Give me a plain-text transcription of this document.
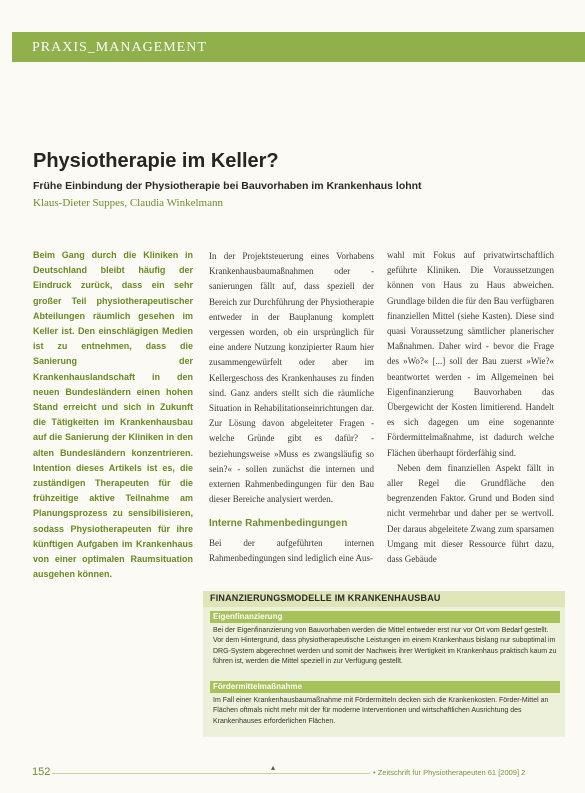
PRAXIS_MANAGEMENT
Physiotherapie im Keller?
Frühe Einbindung der Physiotherapie bei Bauvorhaben im Krankenhaus lohnt
Klaus-Dieter Suppes, Claudia Winkelmann

Beim Gang durch die Kliniken in Deutschland bleibt häufig der Eindruck zurück, dass ein sehr großer Teil physiotherapeutischer Abteilungen räumlich gesehen im Keller ist. Den einschlägigen Medien ist zu entnehmen, dass die Sanierung der Krankenhauslandschaft in den neuen Bundesländern einen hohen Stand erreicht und sich in Zukunft die Tätigkeiten im Krankenhausbau auf die Sanierung der Kliniken in den alten Bundesländern konzentrieren. Intention dieses Artikels ist es, die zuständigen Therapeuten für die frühzeitige aktive Teilnahme am Planungsprozess zu sensibilisieren, sodass Physiotherapeuten für ihre künftigen Aufgaben im Krankenhaus von einer optimalen Raumsituation ausgehen können.

In der Projektsteuerung eines Vorhabens Krankenhausbaumaßnahmen oder -sanierungen fällt auf, dass speziell der Bereich zur Durchführung der Physiotherapie entweder in der Bauplanung komplett vergessen worden, ob ein ursprünglich für eine andere Nutzung konzipierter Raum hier zusammengewürfelt oder aber im Kellergeschoss des Krankenhauses zu finden sind. Ganz anders stellt sich die räumliche Situation in Rehabilitationseinrichtungen dar. Zur Lösung davon abgeleiteter Fragen - welche Gründe gibt es dafür? - beziehungsweise »Muss es zwangsläufig so sein?« - sollen zunächst die internen und externen Rahmenbedingungen für den Bau dieser Bereiche analysiert werden.

Interne Rahmenbedingungen

Bei der aufgeführten internen Rahmenbedingungen sind lediglich eine Aus-

wahl mit Fokus auf privatwirtschaftlich geführte Kliniken. Die Voraussetzungen können von Haus zu Haus abweichen. Grundlage bilden die für den Bau verfügbaren finanziellen Mittel (siehe Kasten). Diese sind quasi Voraussetzung sämtlicher planerischer Maßnahmen. Daher wird - bevor die Frage des »Wo?« [...] soll der Bau zuerst »Wie?« beantwortet werden - im Allgemeinen bei Eigenfinanzierung Bauvorhaben das Übergewicht der Kosten limitierend. Handelt es sich dagegen um eine sogenannte Fördermittelmaßnahme, ist dadurch welche Flächen überhaupt förderfähig sind.

Neben dem finanziellen Aspekt fällt in aller Regel die Grundfläche den begrenzenden Faktor. Grund und Boden sind nicht vermehrbar und daher per se wertvoll. Der daraus abgeleitete Zwang zum sparsamen Umgang mit dieser Ressource führt dazu, dass Gebäude

FINANZIERUNGSMODELLE IM KRANKENHAUSBAU
Eigenfinanzierung
Bei der Eigenfinanzierung von Bauvorhaben werden die Mittel entweder erst nur vor Ort vom Bedarf gestellt. Vor dem Hintergrund, dass physiotherapeutische Leistungen im einem Krankenhaus bislang nur suboptimal im DRG-System abgerechnet werden und somit der Nachweis ihrer Wertigkeit im Krankenhaus praktisch kaum zu führen ist, werden die Mittel speziell in zur Verfügung gestellt.
Fördermittelmaßnahme
Im Fall einer Krankenhausbaumaßnahme mit Fördermitteln decken sich die Krankenkosten. Förder-Mittel an Flächen oftmals nicht mehr mit der für moderne Interventionen und wirtschaftlichen Ausrichtung des Krankenhauses erforderlichen Flächen.
152	▴
• Zeitschrift für Physiotherapeuten 61 [2009] 2
